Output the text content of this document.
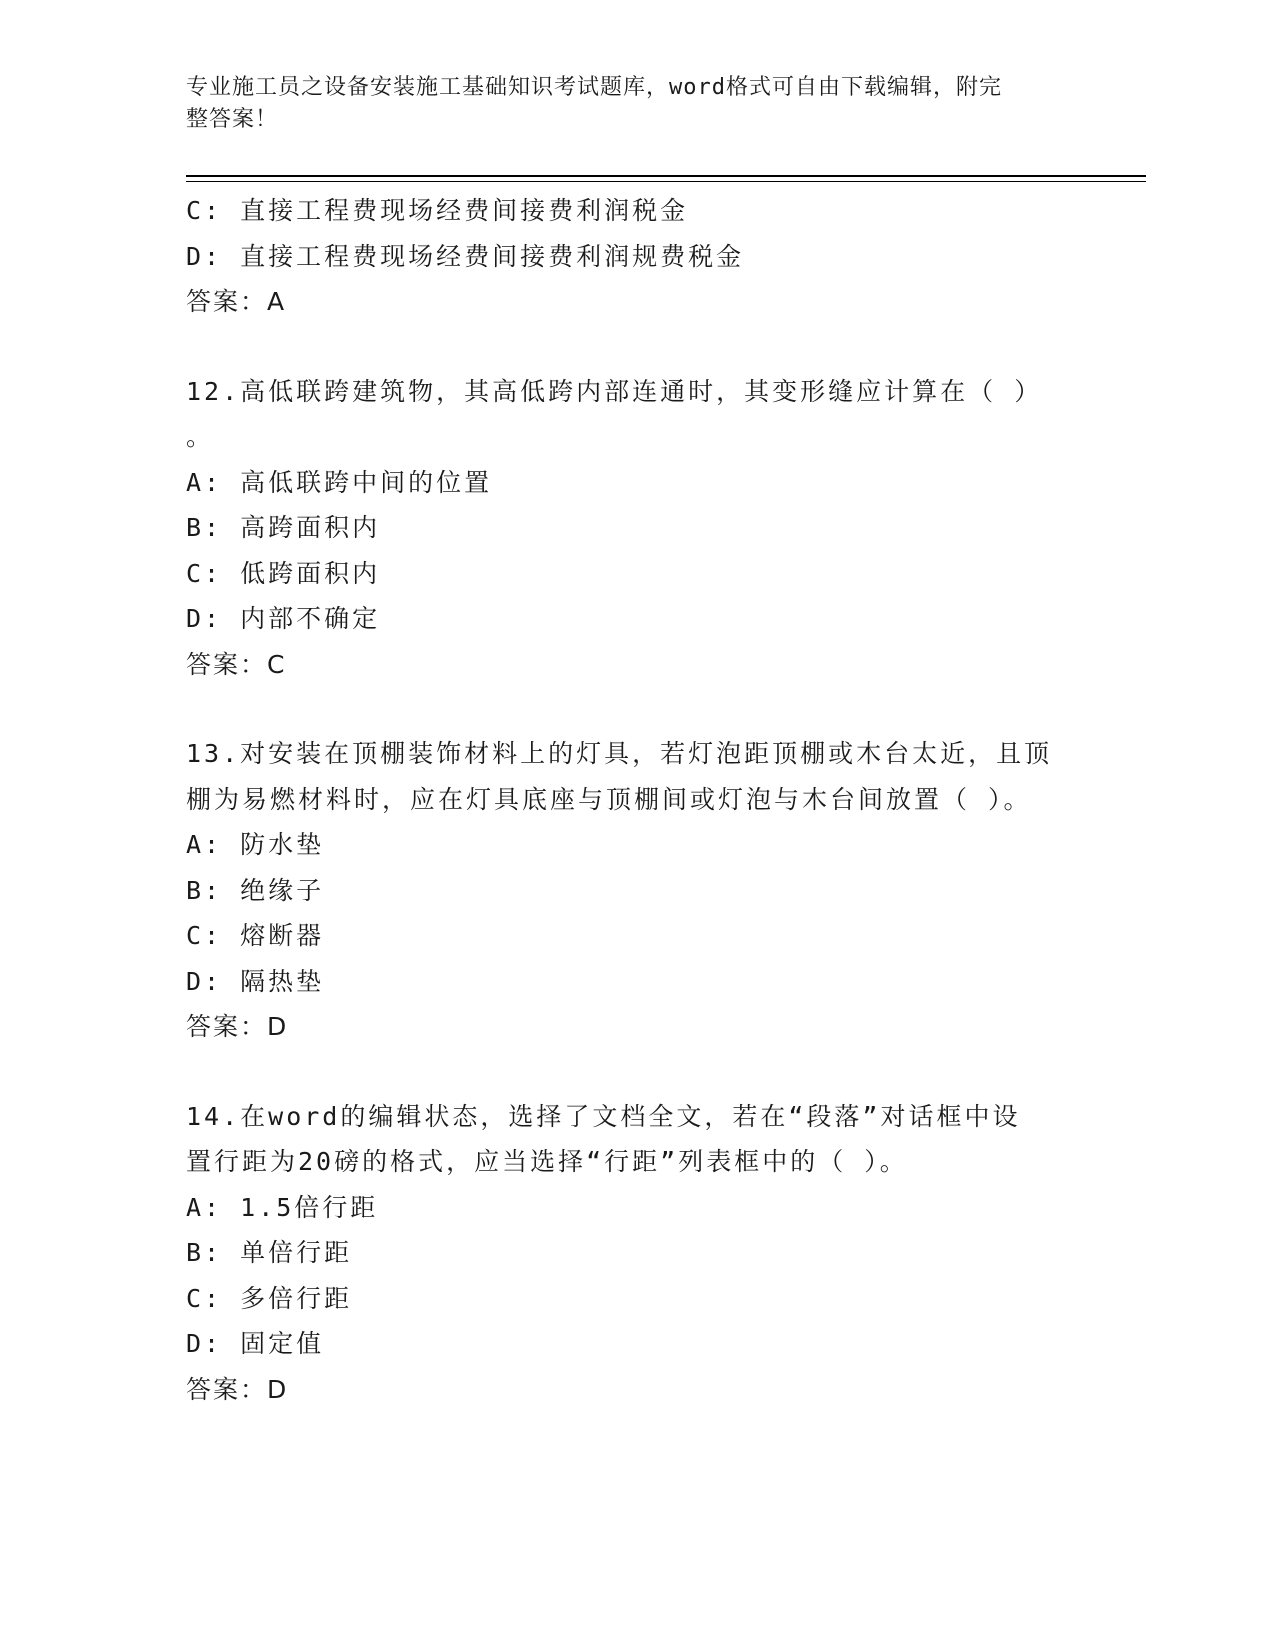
专业施工员之设备安装施工基础知识考试题库，word格式可自由下载编辑，附完
整答案！
C: 直接工程费现场经费间接费利润税金
D: 直接工程费现场经费间接费利润规费税金
答案：A
12.高低联跨建筑物，其高低跨内部连通时，其变形缝应计算在（ ）
。
A: 高低联跨中间的位置
B: 高跨面积内
C: 低跨面积内
D: 内部不确定
答案：C
13.对安装在顶棚装饰材料上的灯具，若灯泡距顶棚或木台太近，且顶
棚为易燃材料时，应在灯具底座与顶棚间或灯泡与木台间放置（ ）。
A: 防水垫
B: 绝缘子
C: 熔断器
D: 隔热垫
答案：D
14.在word的编辑状态，选择了文档全文，若在“段落”对话框中设
置行距为20磅的格式，应当选择“行距”列表框中的（ ）。
A: 1.5倍行距
B: 单倍行距
C: 多倍行距
D: 固定值
答案：D
